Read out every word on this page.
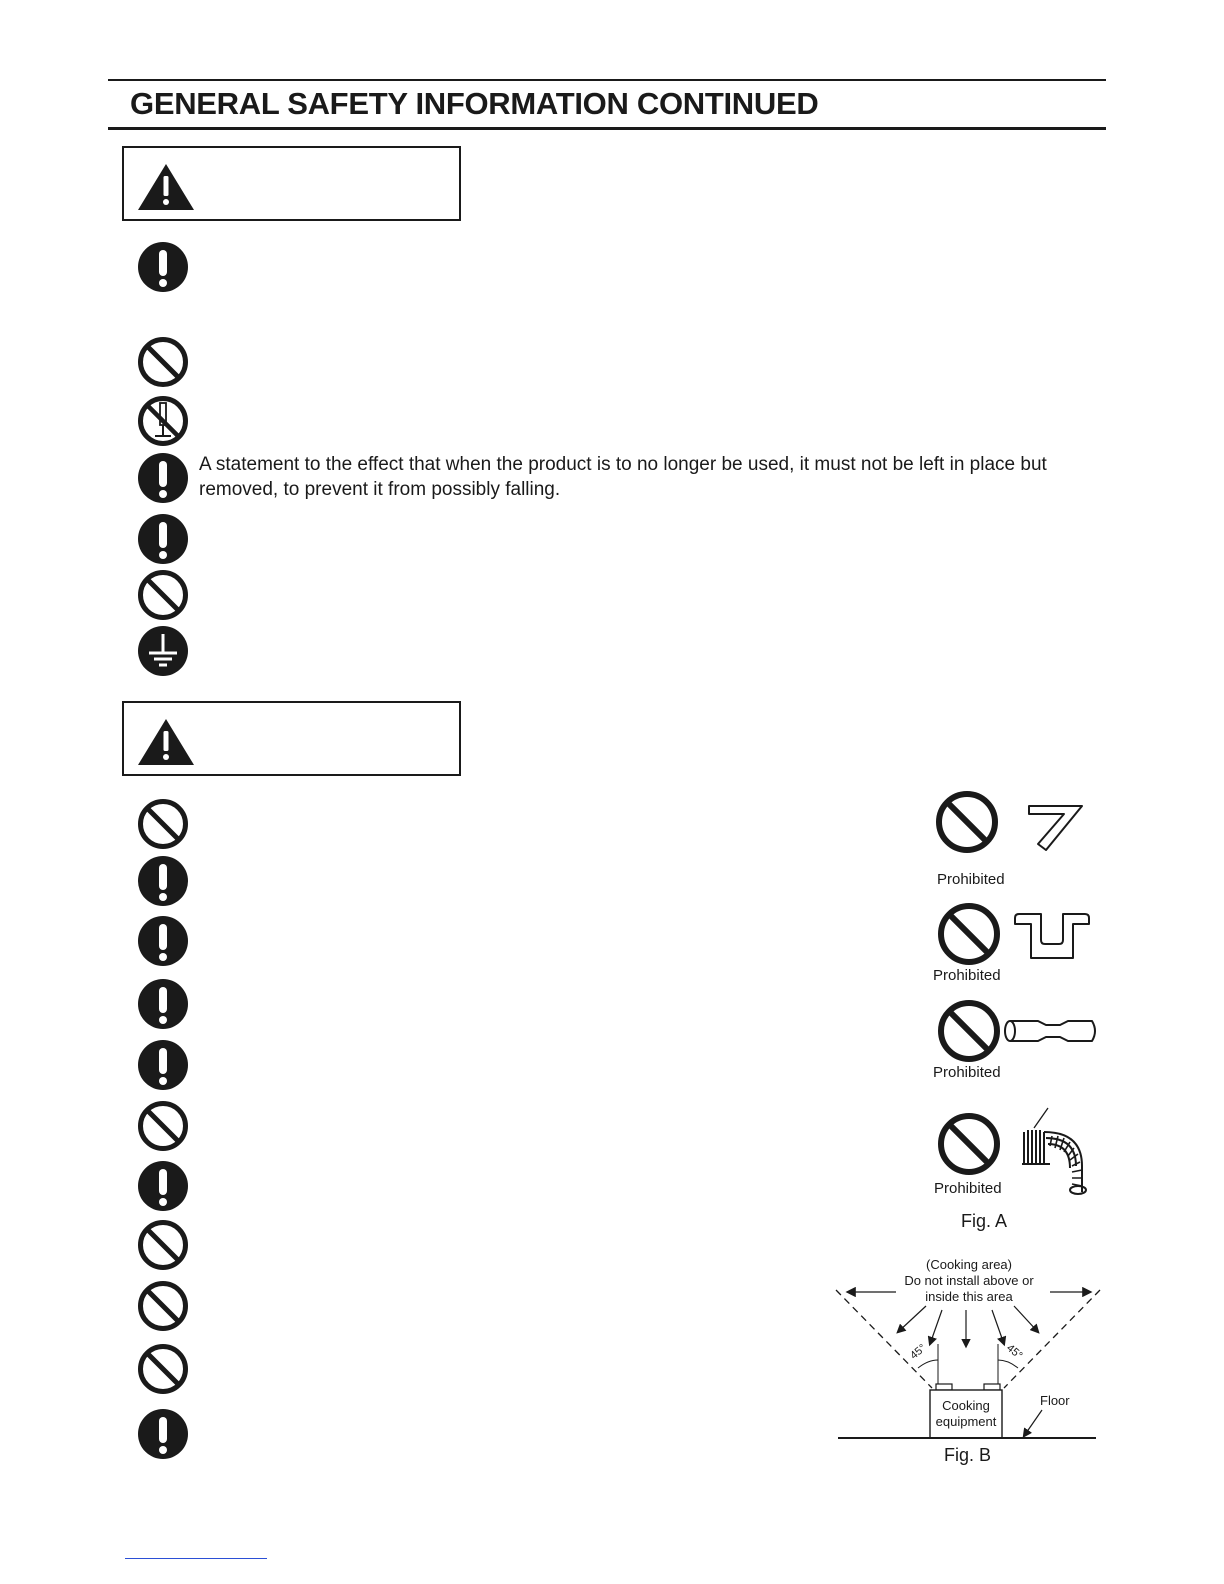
GENERAL SAFETY INFORMATION CONTINUED

A statement to the effect that when the product is to no longer be used, it must not be left in place but removed, to prevent it from possibly falling.

Prohibited
Prohibited
Prohibited
Prohibited
Fig. A
(Cooking area)
Do not install above or
inside this area
45°	45°
Cooking
equipment
Floor
Fig. B
